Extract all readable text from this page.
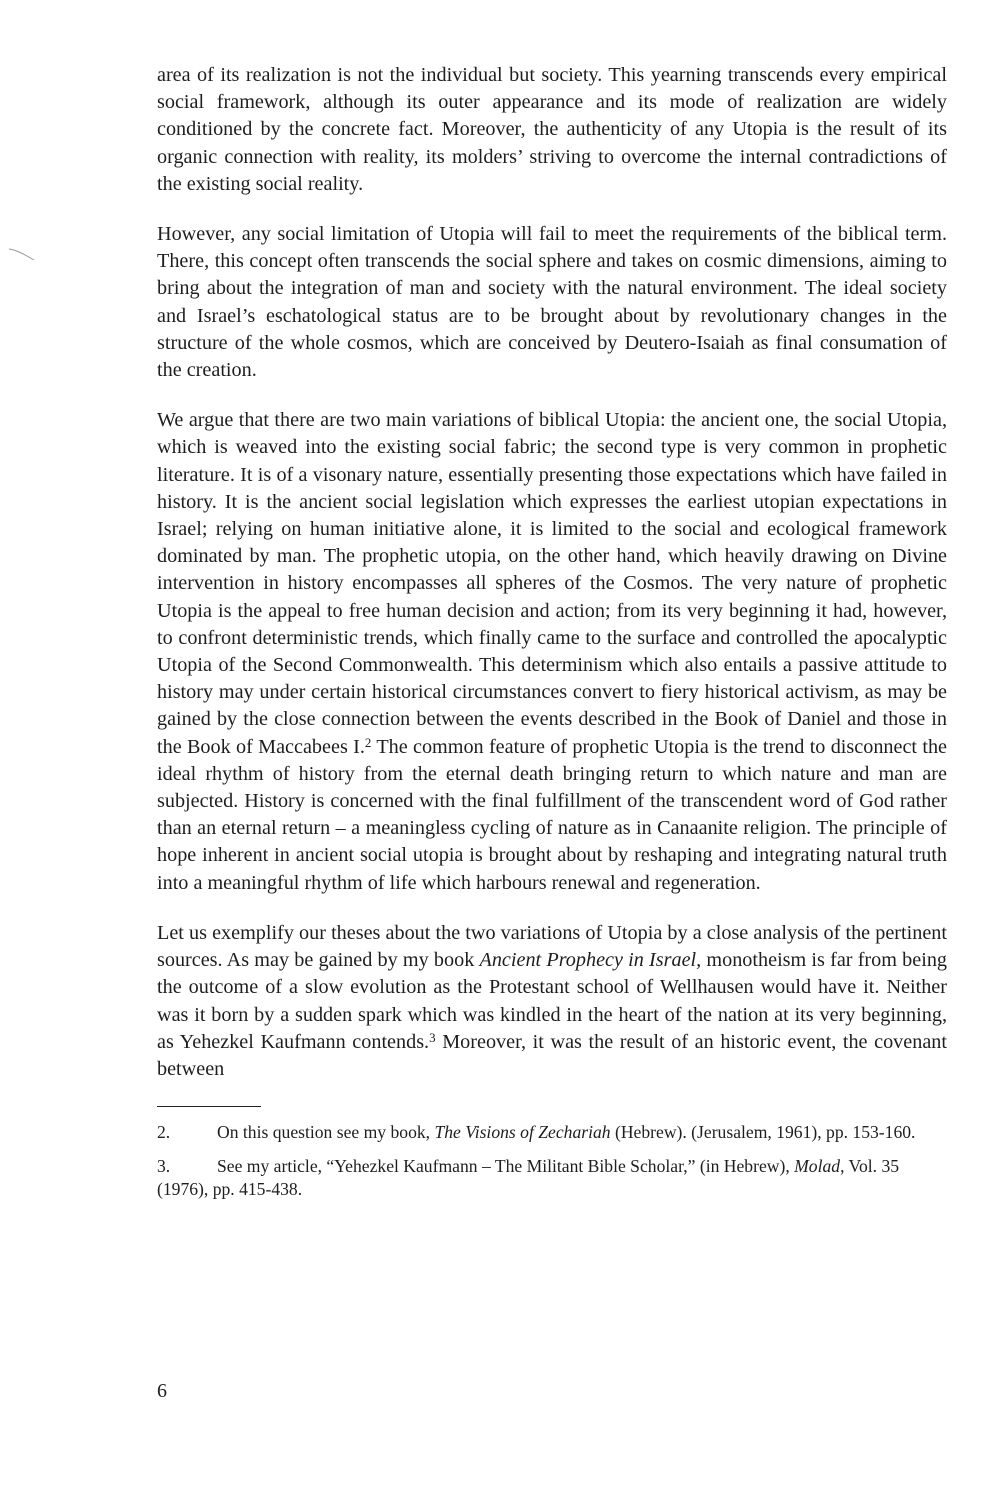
area of its realization is not the individual but society. This yearning transcends every empirical social framework, although its outer appearance and its mode of realization are widely conditioned by the concrete fact. Moreover, the authenticity of any Utopia is the result of its organic connection with reality, its molders’ striving to overcome the internal contradictions of the existing social reality.

However, any social limitation of Utopia will fail to meet the requirements of the biblical term. There, this concept often transcends the social sphere and takes on cosmic dimensions, aiming to bring about the integration of man and society with the natural environment. The ideal society and Israel’s eschatological status are to be brought about by revolutionary changes in the structure of the whole cosmos, which are conceived by Deutero-Isaiah as final consumation of the creation.

We argue that there are two main variations of biblical Utopia: the ancient one, the social Utopia, which is weaved into the existing social fabric; the second type is very common in prophetic literature. It is of a visonary nature, essentially presenting those expectations which have failed in history. It is the ancient social legislation which expresses the earliest utopian expectations in Israel; relying on human initiative alone, it is limited to the social and ecological framework dominated by man. The prophetic utopia, on the other hand, which heavily drawing on Divine intervention in history encompasses all spheres of the Cosmos. The very nature of prophetic Utopia is the appeal to free human decision and action; from its very beginning it had, however, to confront deterministic trends, which finally came to the surface and controlled the apocalyptic Utopia of the Second Commonwealth. This determinism which also entails a passive attitude to history may under certain historical circumstances convert to fiery historical activism, as may be gained by the close connection between the events described in the Book of Daniel and those in the Book of Maccabees I.$^2$ The common feature of prophetic Utopia is the trend to disconnect the ideal rhythm of history from the eternal death bringing return to which nature and man are subjected. History is concerned with the final fulfillment of the transcendent word of God rather than an eternal return – a meaningless cycling of nature as in Canaanite religion. The principle of hope inherent in ancient social utopia is brought about by reshaping and integrating natural truth into a meaningful rhythm of life which harbours renewal and regeneration.

Let us exemplify our theses about the two variations of Utopia by a close analysis of the pertinent sources. As may be gained by my book Ancient Prophecy in Israel, monotheism is far from being the outcome of a slow evolution as the Protestant school of Wellhausen would have it. Neither was it born by a sudden spark which was kindled in the heart of the nation at its very beginning, as Yehezkel Kaufmann contends.$^3$ Moreover, it was the result of an historic event, the covenant between

2.	On this question see my book, The Visions of Zechariah (Hebrew). (Jerusalem, 1961), pp. 153-160.

3.	See my article, “Yehezkel Kaufmann – The Militant Bible Scholar,” (in Hebrew), Molad, Vol. 35 (1976), pp. 415-438.

6
